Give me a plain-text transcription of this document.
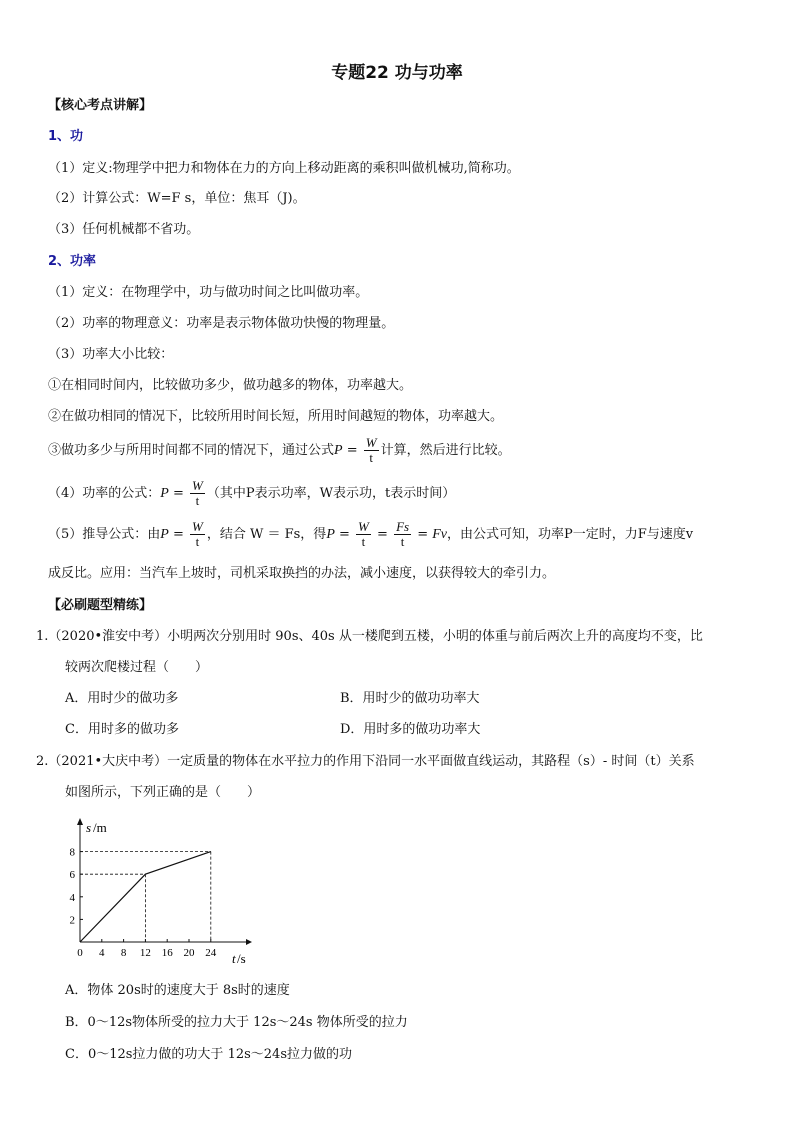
专题22 功与功率
【核心考点讲解】
1、功
（1）定义:物理学中把力和物体在力的方向上移动距离的乘积叫做机械功,简称功。
（2）计算公式：W=F s，单位：焦耳（J)。
（3）任何机械都不省功。
2、功率
（1）定义：在物理学中，功与做功时间之比叫做功率。
（2）功率的物理意义：功率是表示物体做功快慢的物理量。
（3）功率大小比较：
①在相同时间内，比较做功多少，做功越多的物体，功率越大。
②在做功相同的情况下，比较所用时间长短，所用时间越短的物体，功率越大。
③做功多少与所用时间都不同的情况下，通过公式$P = \frac{W}{t}$ 计算，然后进行比较。
（4）功率的公式：$P = \frac{W}{t}$ （其中P表示功率，W表示功，t表示时间）
（5）推导公式：由$P = \frac{W}{t}$ ，结合 W ＝ Fs，得$P = \frac{W}{t} = \frac{Fs}{t} = Fv$，由公式可知，功率P一定时，力F与速度v
成反比。应用：当汽车上坡时，司机采取换挡的办法，减小速度，以获得较大的牵引力。
【必刷题型精练】
1.（2020•淮安中考）小明两次分别用时 90s、40s 从一楼爬到五楼，小明的体重与前后两次上升的高度均不变，比
较两次爬楼过程（　　）
A．用时少的做功多	B．用时少的做功功率大
C．用时多的做功多	D．用时多的做功功率大
2.（2021•大庆中考）一定质量的物体在水平拉力的作用下沿同一水平面做直线运动，其路程（s）- 时间（t）关系
如图所示，下列正确的是（　　）
s /m
t /s
0 4 8 12 16 20 24
2
4
6
8
A．物体 20s时的速度大于 8s时的速度
B．0～12s物体所受的拉力大于 12s～24s 物体所受的拉力
C．0～12s拉力做的功大于 12s～24s拉力做的功
